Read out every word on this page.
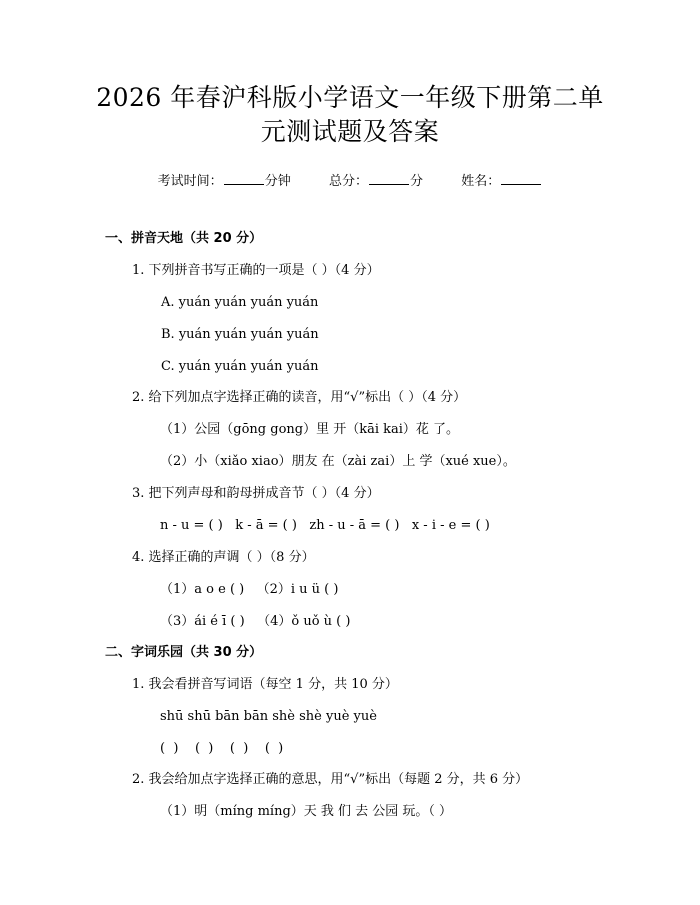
2026 年春沪科版小学语文一年级下册第二单
元测试题及答案
考试时间：	分钟	总分：	分	姓名：
一、拼音天地（共 20 分）
1. 下列拼音书写正确的一项是（ ）（4 分）
A. yuán yuán yuán yuán
B. yuán yuán yuán yuán
C. yuán yuán yuán yuán
2. 给下列加点字选择正确的读音，用“√”标出（ ）（4 分）
（1）公园（gōng gong）里 开（kāi kai）花 了。
（2）小（xiǎo xiao）朋友 在（zài zai）上 学（xué xue）。
3. 把下列声母和韵母拼成音节（ ）（4 分）
n - u = ( )   k - ā = ( )   zh - u - ā = ( )   x - i - e = ( )
4. 选择正确的声调（ ）（8 分）
（1）a o e ( )   （2）i u ü ( )
（3）ái é ī ( )   （4）ǒ uǒ ù ( )
二、字词乐园（共 30 分）
1. 我会看拼音写词语（每空 1 分，共 10 分）
shū shū bān bān shè shè yuè yuè
(  )    (  )    (  )    (  )
2. 我会给加点字选择正确的意思，用“√”标出（每题 2 分，共 6 分）
（1）明（míng míng）天 我 们 去 公园 玩。（ ）
